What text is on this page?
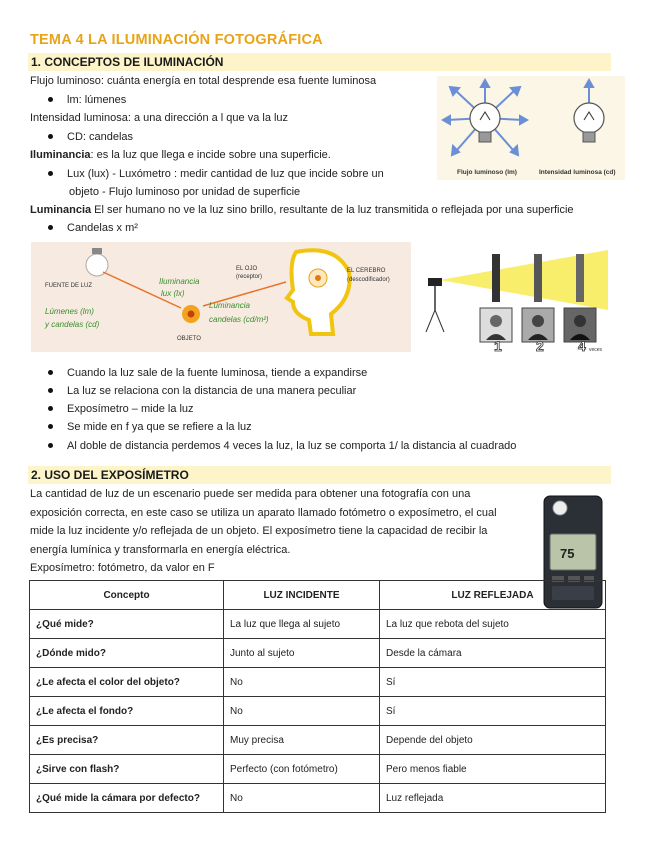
TEMA 4 LA ILUMINACIÓN FOTOGRÁFICA
1. CONCEPTOS DE ILUMINACIÓN
Flujo luminoso: cuánta energía en total desprende esa fuente luminosa
lm: lúmenes
Intensidad luminosa: a una dirección a l que va la luz
CD: candelas
Iluminancia: es la luz que llega e incide sobre una superficie.
Lux (lux) - Luxómetro : medir cantidad de luz que incide sobre un
objeto - Flujo luminoso por unidad de superficie
Luminancia El ser humano no ve la luz sino brillo, resultante de la luz transmitida o reflejada por una superficie
Candelas x m²
Flujo luminoso (lm)	Intensidad luminosa (cd)
FUENTE DE LUZ
Lúmenes (lm)
y candelas (cd)
Iluminancia
lux (lx)
Luminancia
candelas (cd/m²)
OBJETO
EL OJO
(receptor)
EL CEREBRO
(descodificador)
1 2 4 veces
Cuando la luz sale de la fuente luminosa, tiende a expandirse
La luz se relaciona con la distancia de una manera peculiar
Exposímetro – mide la luz
Se mide en f ya que se refiere a la luz
Al doble de distancia perdemos 4 veces la luz, la luz se comporta 1/ la distancia al cuadrado
2. USO DEL EXPOSÍMETRO
La cantidad de luz de un escenario puede ser medida para obtener una fotografía con una
exposición correcta, en este caso se utiliza un aparato llamado fotómetro o exposímetro, el cual
mide la luz incidente y/o reflejada de un objeto. El exposímetro tiene la capacidad de recibir la
energía lumínica y transformarla en energía eléctrica.
Exposímetro: fotómetro, da valor en F
75
Concepto	LUZ INCIDENTE	LUZ REFLEJADA
¿Qué mide?	La luz que llega al sujeto	La luz que rebota del sujeto
¿Dónde mido?	Junto al sujeto	Desde la cámara
¿Le afecta el color del objeto?	No	Sí
¿Le afecta el fondo?	No	Sí
¿Es precisa?	Muy precisa	Depende del objeto
¿Sirve con flash?	Perfecto (con fotómetro)	Pero menos fiable
¿Qué mide la cámara por defecto?	No	Luz reflejada
